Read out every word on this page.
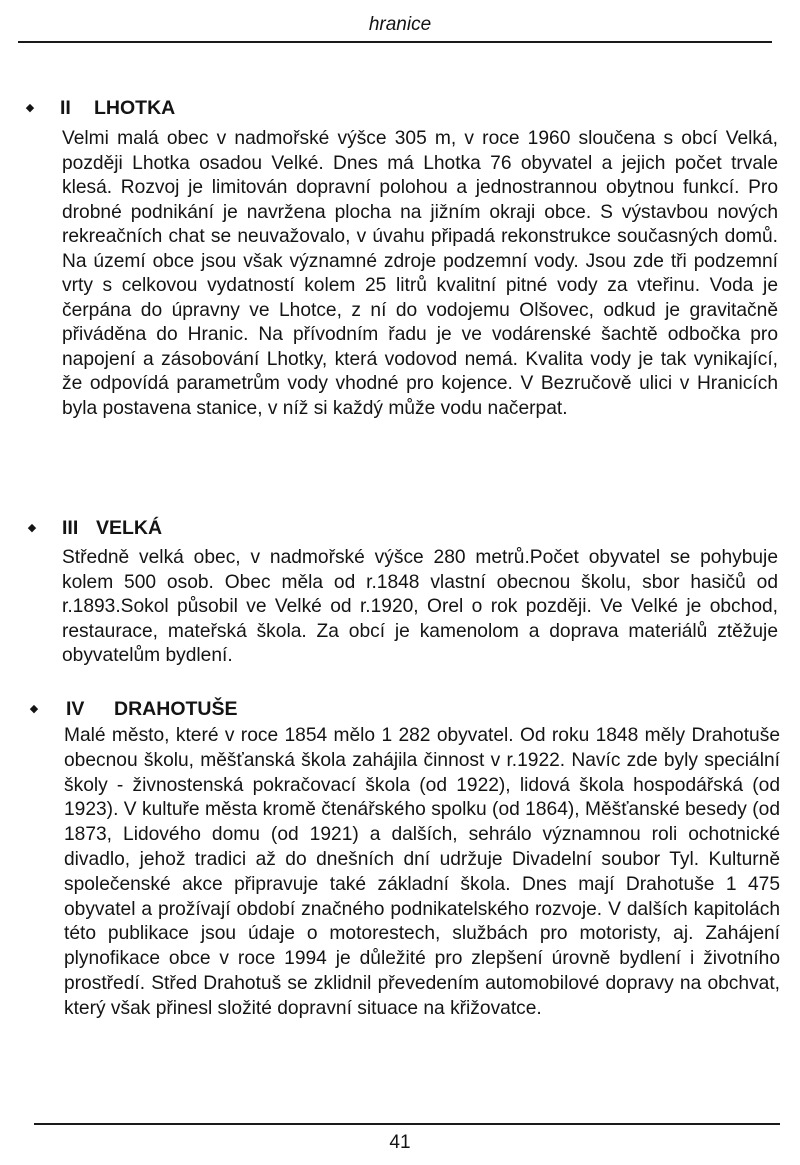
hranice
◆ II LHOTKA
Velmi malá obec v nadmořské výšce 305 m, v roce 1960 sloučena s obcí Velká, později Lhotka osadou Velké. Dnes má Lhotka 76 obyvatel a jejich počet trvale klesá. Rozvoj je limitován dopravní polohou a jednostrannou obytnou funkcí. Pro drobné podnikání je navržena plocha na jižním okraji obce. S výstavbou nových rekreačních chat se neuvažovalo, v úvahu připadá rekonstrukce současných domů. Na území obce jsou však významné zdroje podzemní vody. Jsou zde tři podzemní vrty s celkovou vydatností kolem 25 litrů kvalitní pitné vody za vteřinu. Voda je čerpána do úpravny ve Lhotce, z ní do vodojemu Olšovec, odkud je gravitačně přiváděna do Hranic. Na přívodním řadu je ve vodárenské šachtě odbočka pro napojení a zásobování Lhotky, která vodovod nemá. Kvalita vody je tak vynikající, že odpovídá parametrům vody vhodné pro kojence. V Bezručově ulici v Hranicích byla postavena stanice, v níž si každý může vodu načerpat.
◆ III VELKÁ
Středně velká obec, v nadmořské výšce 280 metrů.Počet obyvatel se pohybuje kolem 500 osob. Obec měla od r.1848 vlastní obecnou školu, sbor hasičů od r.1893.Sokol působil ve Velké od r.1920, Orel o rok později. Ve Velké je obchod, restaurace, mateřská škola. Za obcí je kamenolom a doprava materiálů ztěžuje obyvatelům bydlení.
◆ IV DRAHOTUŠE
Malé město, které v roce 1854 mělo 1 282 obyvatel. Od roku 1848 měly Drahotuše obecnou školu, měšťanská škola zahájila činnost v r.1922. Navíc zde byly speciální školy - živnostenská pokračovací škola (od 1922), lidová škola hospodářská (od 1923). V kultuře města kromě čtenářského spolku (od 1864), Měšťanské besedy (od 1873, Lidového domu (od 1921) a dalších, sehrálo významnou roli ochotnické divadlo, jehož tradici až do dnešních dní udržuje Divadelní soubor Tyl. Kulturně společenské akce připravuje také základní škola. Dnes mají Drahotuše 1 475 obyvatel a prožívají období značného podnikatelského rozvoje. V dalších kapitolách této publikace jsou údaje o motorestech, službách pro motoristy, aj. Zahájení plynofikace obce v roce 1994 je důležité pro zlepšení úrovně bydlení i životního prostředí. Střed Drahotuš se zklidnil převedením automobilové dopravy na obchvat, který však přinesl složité dopravní situace na křižovatce.
41
